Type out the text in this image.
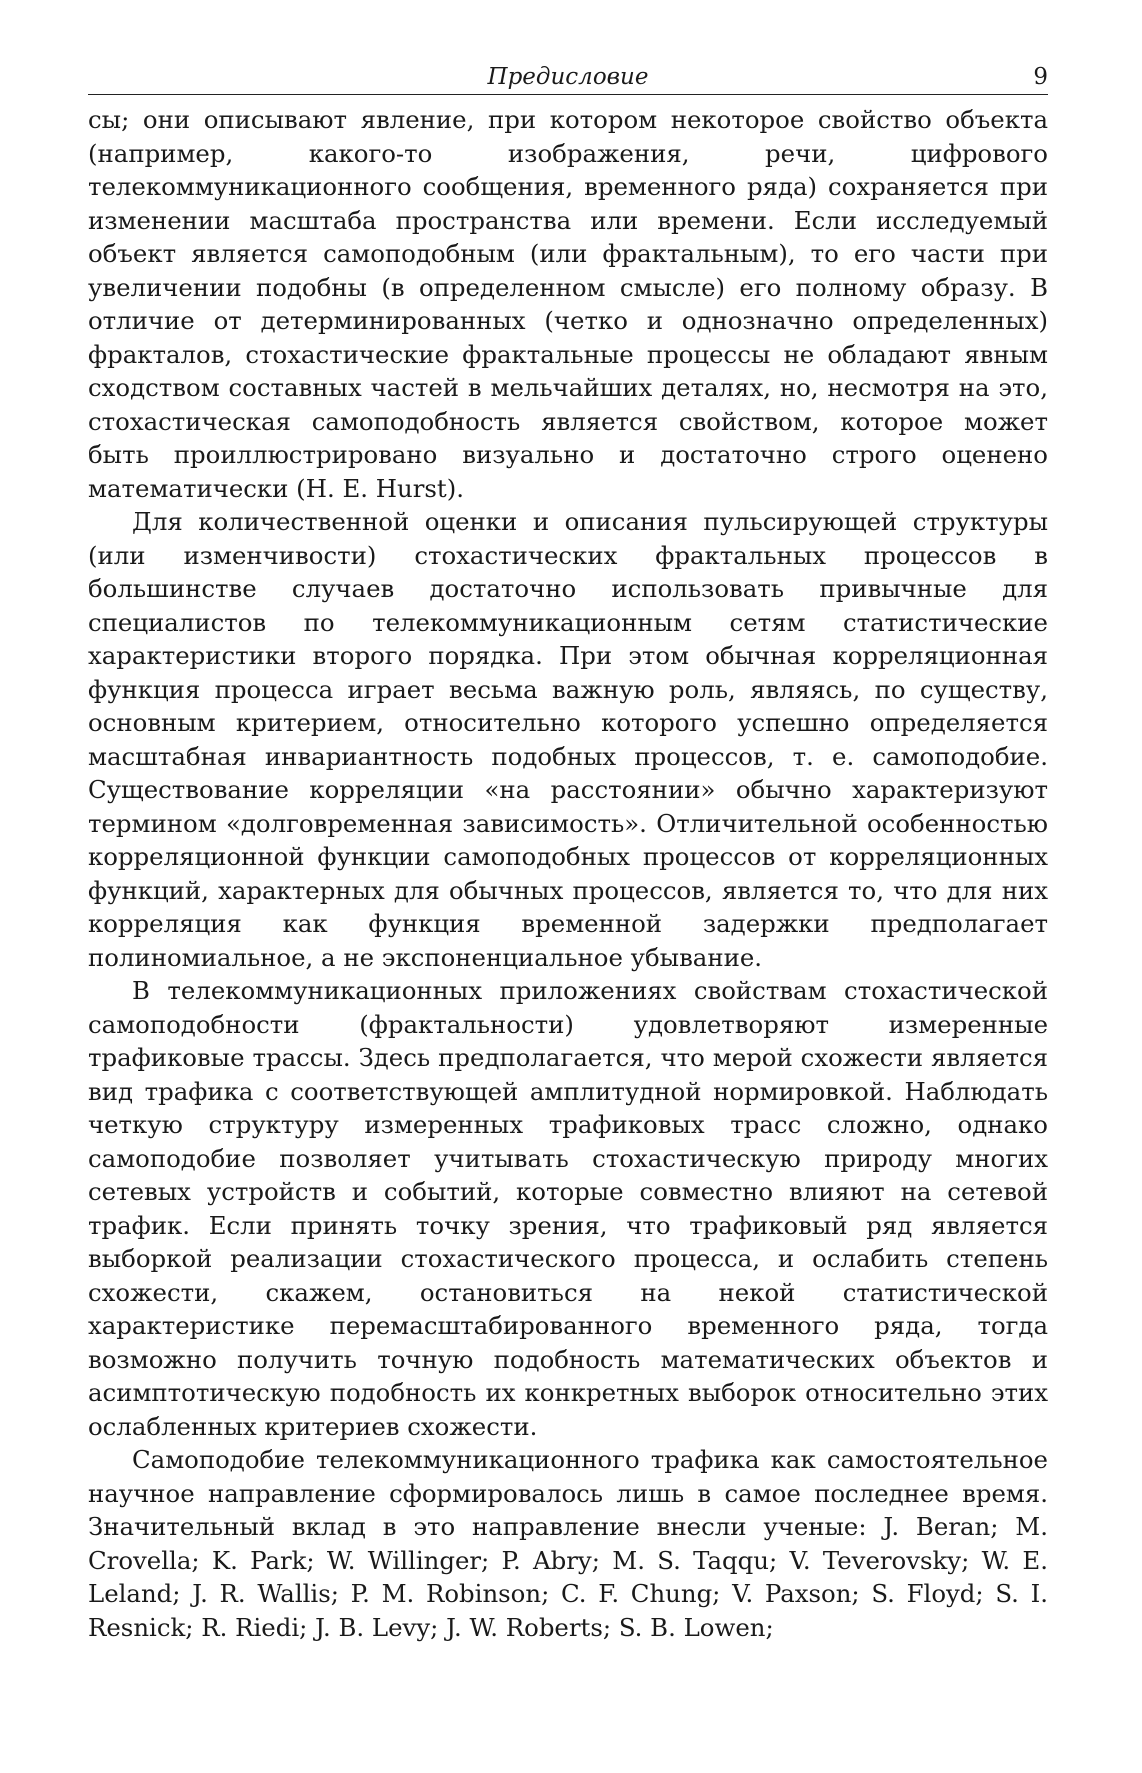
Предисловие	9

сы; они описывают явление, при котором некоторое свойство объекта (например, какого-то изображения, речи, цифрового телекоммуникационного сообщения, временного ряда) сохраняется при изменении масштаба пространства или времени. Если исследуемый объект является самоподобным (или фрактальным), то его части при увеличении подобны (в определенном смысле) его полному образу. В отличие от детерминированных (четко и однозначно определенных) фракталов, стохастические фрактальные процессы не обладают явным сходством составных частей в мельчайших деталях, но, несмотря на это, стохастическая самоподобность является свойством, которое может быть проиллюстрировано визуально и достаточно строго оценено математически (H. E. Hurst).

Для количественной оценки и описания пульсирующей структуры (или изменчивости) стохастических фрактальных процессов в большинстве случаев достаточно использовать привычные для специалистов по телекоммуникационным сетям статистические характеристики второго порядка. При этом обычная корреляционная функция процесса играет весьма важную роль, являясь, по существу, основным критерием, относительно которого успешно определяется масштабная инвариантность подобных процессов, т. е. самоподобие. Существование корреляции «на расстоянии» обычно характеризуют термином «долговременная зависимость». Отличительной особенностью корреляционной функции самоподобных процессов от корреляционных функций, характерных для обычных процессов, является то, что для них корреляция как функция временной задержки предполагает полиномиальное, а не экспоненциальное убывание.

В телекоммуникационных приложениях свойствам стохастической самоподобности (фрактальности) удовлетворяют измеренные трафиковые трассы. Здесь предполагается, что мерой схожести является вид трафика с соответствующей амплитудной нормировкой. Наблюдать четкую структуру измеренных трафиковых трасс сложно, однако самоподобие позволяет учитывать стохастическую природу многих сетевых устройств и событий, которые совместно влияют на сетевой трафик. Если принять точку зрения, что трафиковый ряд является выборкой реализации стохастического процесса, и ослабить степень схожести, скажем, остановиться на некой статистической характеристике перемасштабированного временного ряда, тогда возможно получить точную подобность математических объектов и асимптотическую подобность их конкретных выборок относительно этих ослабленных критериев схожести.

Самоподобие телекоммуникационного трафика как самостоятельное научное направление сформировалось лишь в самое последнее время. Значительный вклад в это направление внесли ученые: J. Beran; M. Crovella; K. Park; W. Willinger; P. Abry; M. S. Taqqu; V. Teverovsky; W. E. Leland; J. R. Wallis; P. M. Robinson; C. F. Chung; V. Paxson; S. Floyd; S. I. Resnick; R. Riedi; J. B. Levy; J. W. Roberts; S. B. Lowen;
